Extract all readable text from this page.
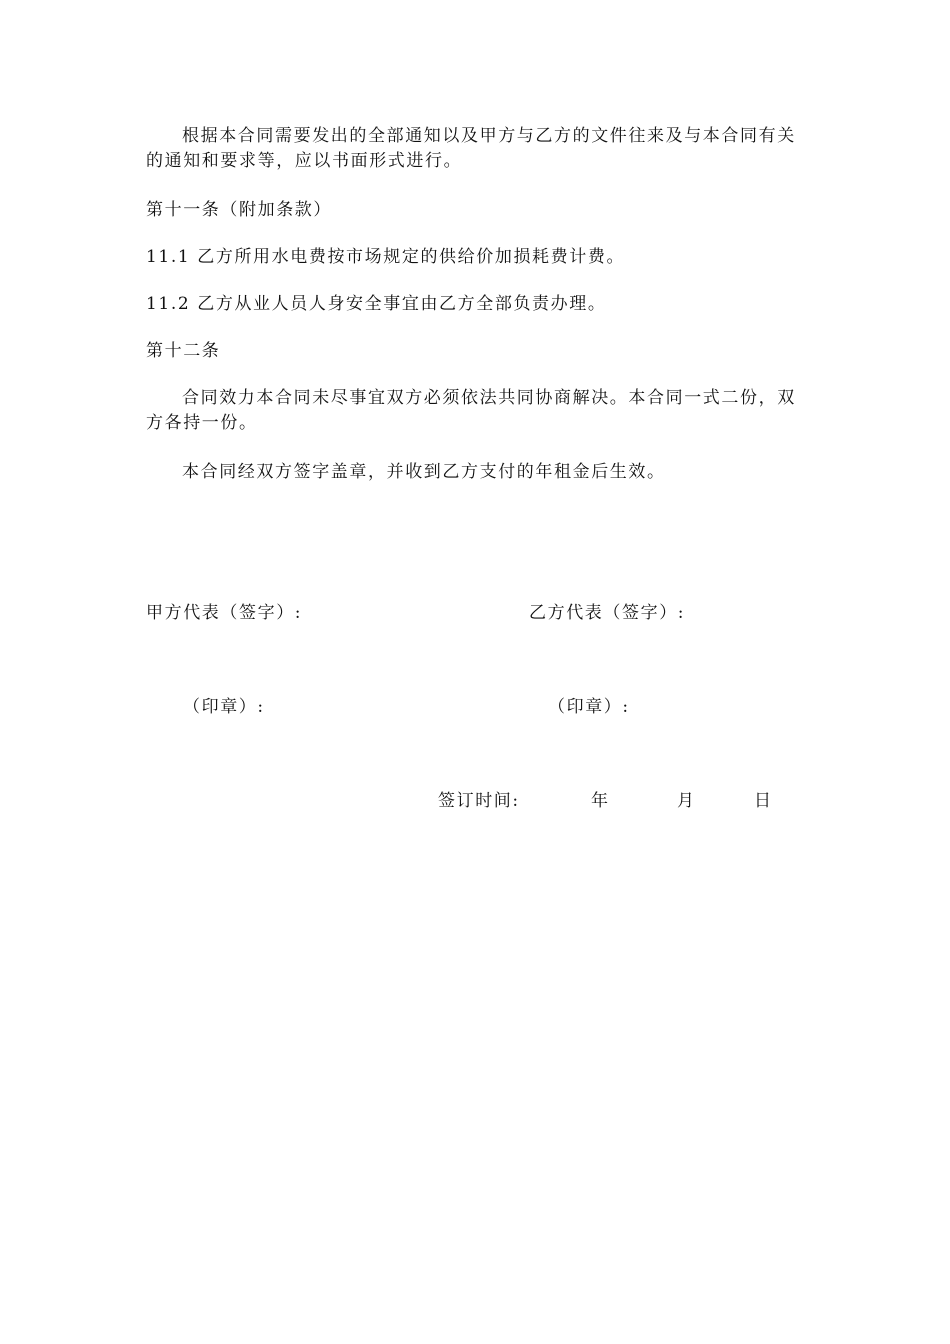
根据本合同需要发出的全部通知以及甲方与乙方的文件往来及与本合同有关的通知和要求等，应以书面形式进行。

第十一条（附加条款）

11.1 乙方所用水电费按市场规定的供给价加损耗费计费。

11.2 乙方从业人员人身安全事宜由乙方全部负责办理。

第十二条

合同效力本合同未尽事宜双方必须依法共同协商解决。本合同一式二份，双方各持一份。

本合同经双方签字盖章，并收到乙方支付的年租金后生效。

甲方代表（签字）:	乙方代表（签字）:
（印章）:	（印章）:
签订时间:	年	月	日
